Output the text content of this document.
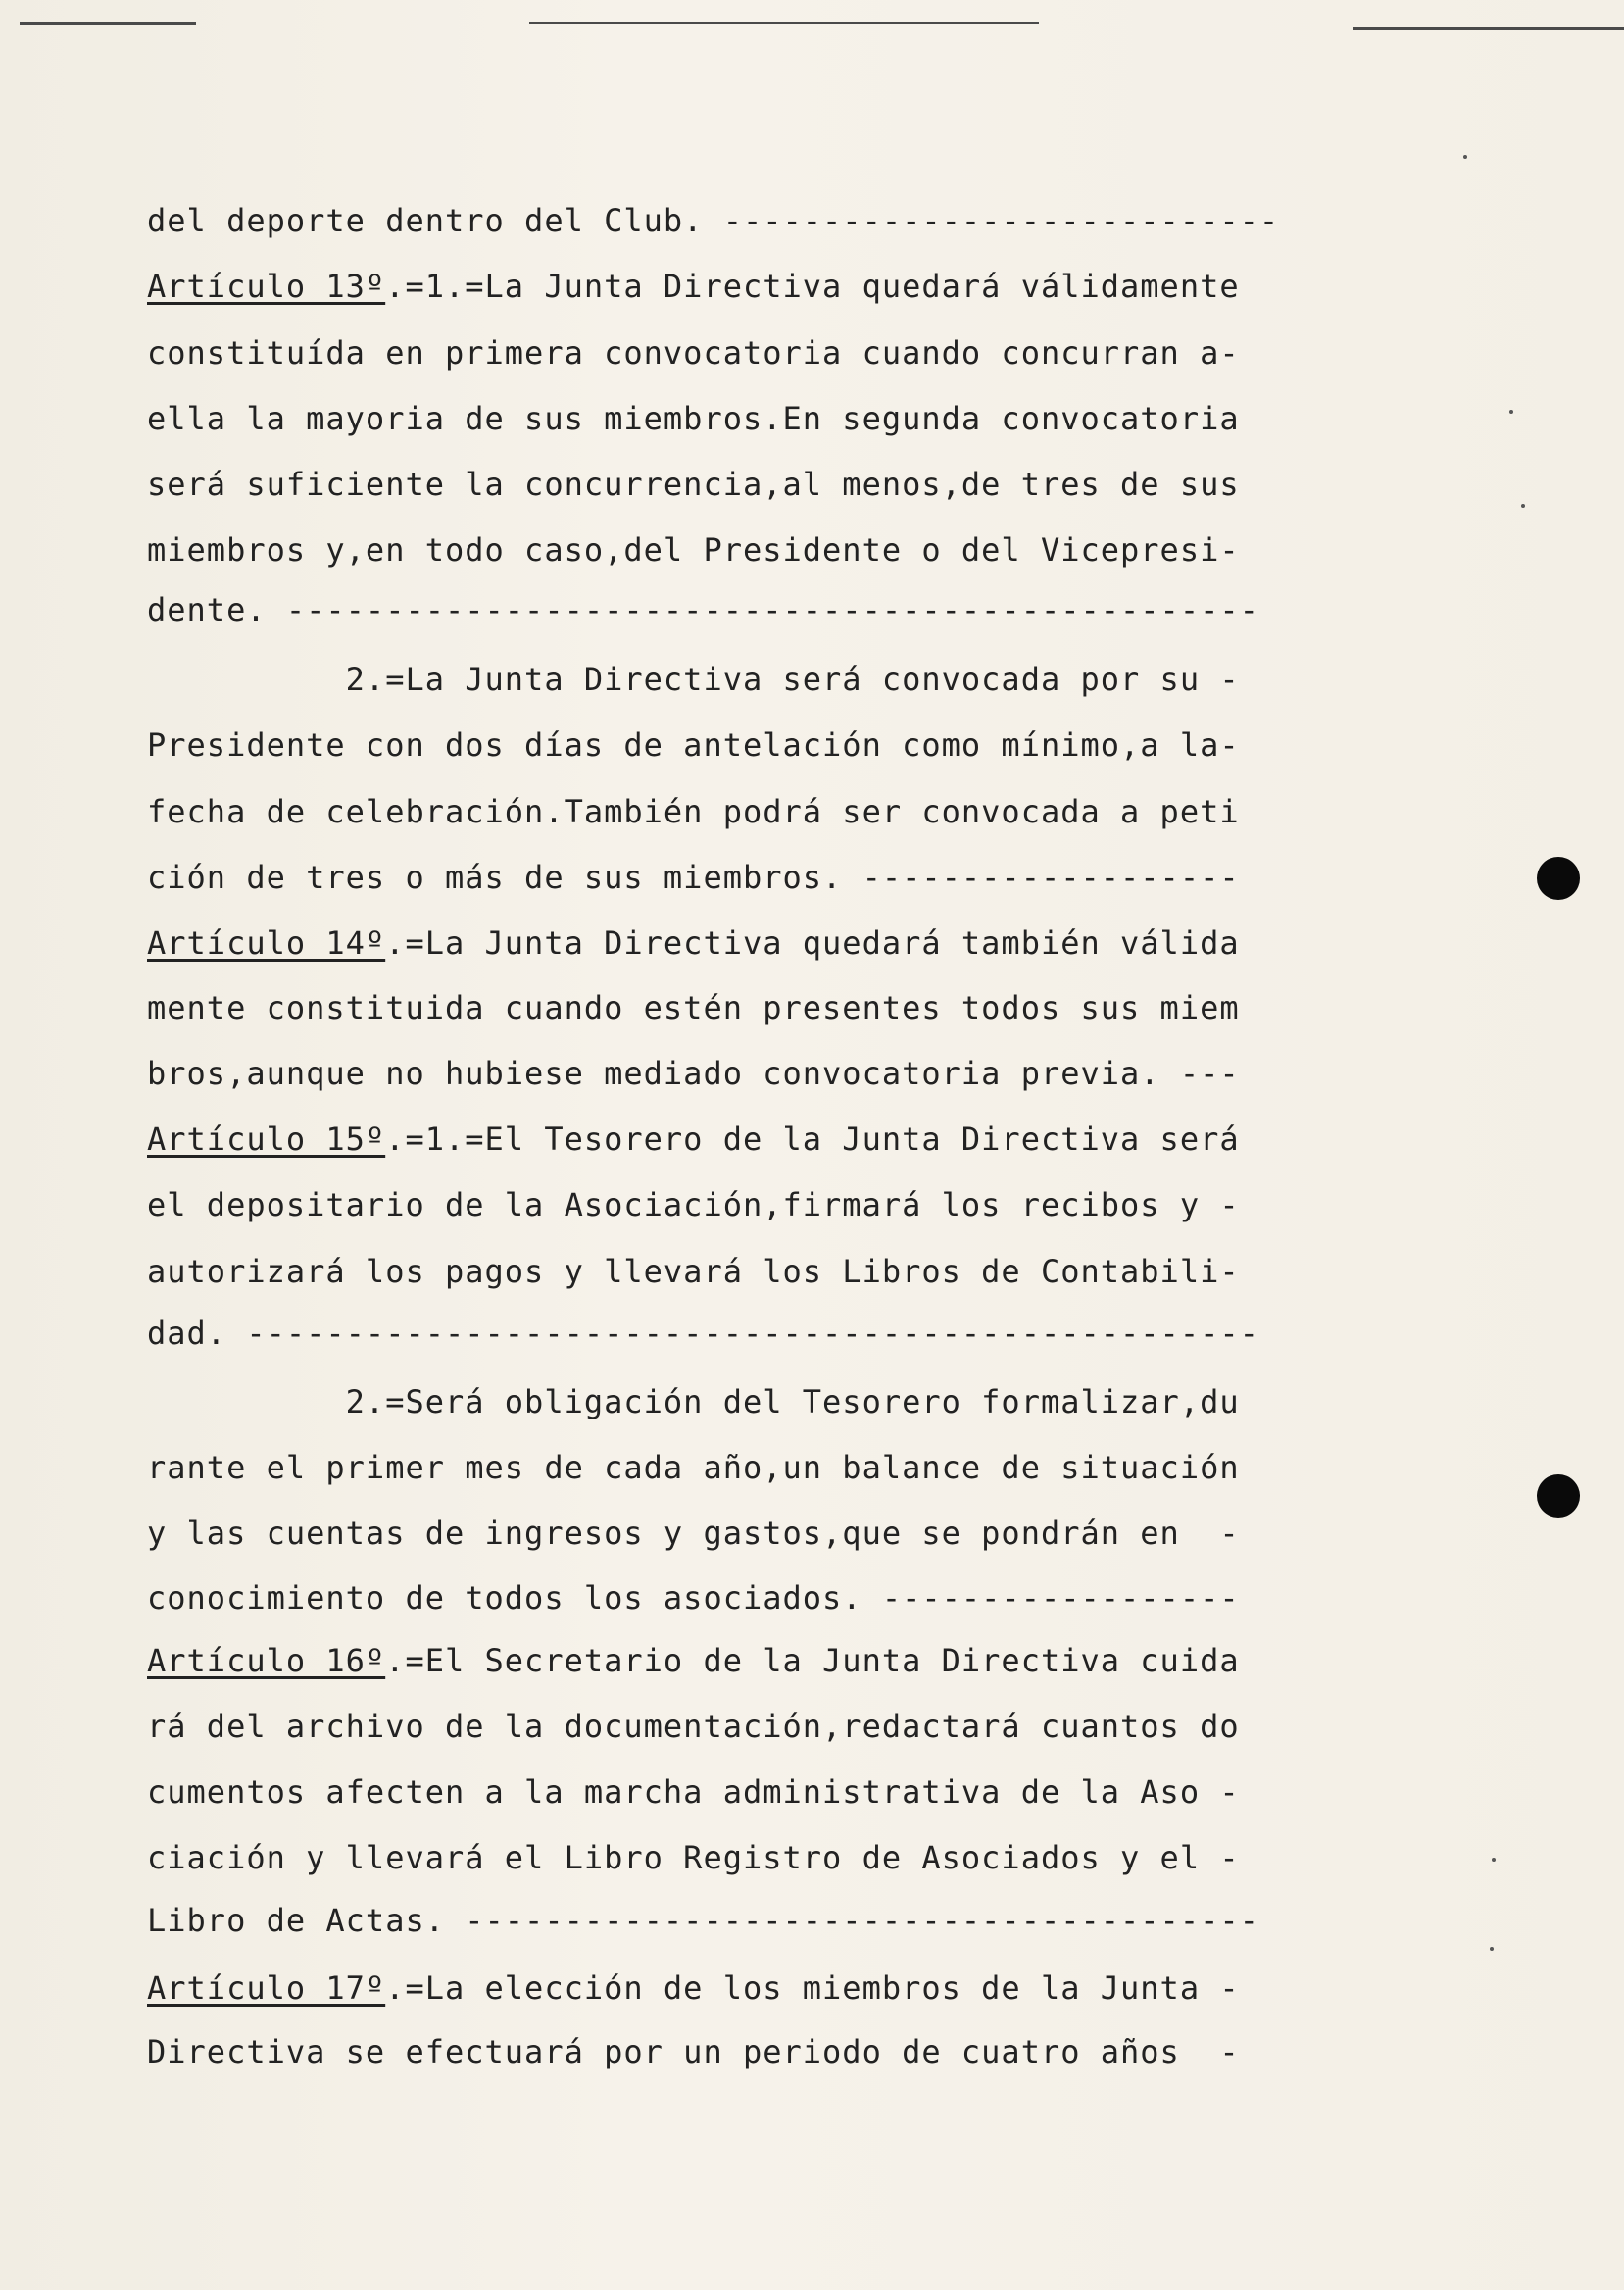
del deporte dentro del Club. ----------------------------
Artículo 13º.=1.=La Junta Directiva quedará válidamente
constituída en primera convocatoria cuando concurran a-
ella la mayoria de sus miembros.En segunda convocatoria
será suficiente la concurrencia,al menos,de tres de sus
miembros y,en todo caso,del Presidente o del Vicepresi-
dente. -------------------------------------------------
2.=La Junta Directiva será convocada por su -
Presidente con dos días de antelación como mínimo,a la-
fecha de celebración.También podrá ser convocada a peti
ción de tres o más de sus miembros. -------------------
Artículo 14º.=La Junta Directiva quedará también válida
mente constituida cuando estén presentes todos sus miem
bros,aunque no hubiese mediado convocatoria previa. ---
Artículo 15º.=1.=El Tesorero de la Junta Directiva será
el depositario de la Asociación,firmará los recibos y -
autorizará los pagos y llevará los Libros de Contabili-
dad. ---------------------------------------------------
2.=Será obligación del Tesorero formalizar,du
rante el primer mes de cada año,un balance de situación
y las cuentas de ingresos y gastos,que se pondrán en  -
conocimiento de todos los asociados. ------------------
Artículo 16º.=El Secretario de la Junta Directiva cuida
rá del archivo de la documentación,redactará cuantos do
cumentos afecten a la marcha administrativa de la Aso -
ciación y llevará el Libro Registro de Asociados y el -
Libro de Actas. ----------------------------------------
Artículo 17º.=La elección de los miembros de la Junta -
Directiva se efectuará por un periodo de cuatro años  -
